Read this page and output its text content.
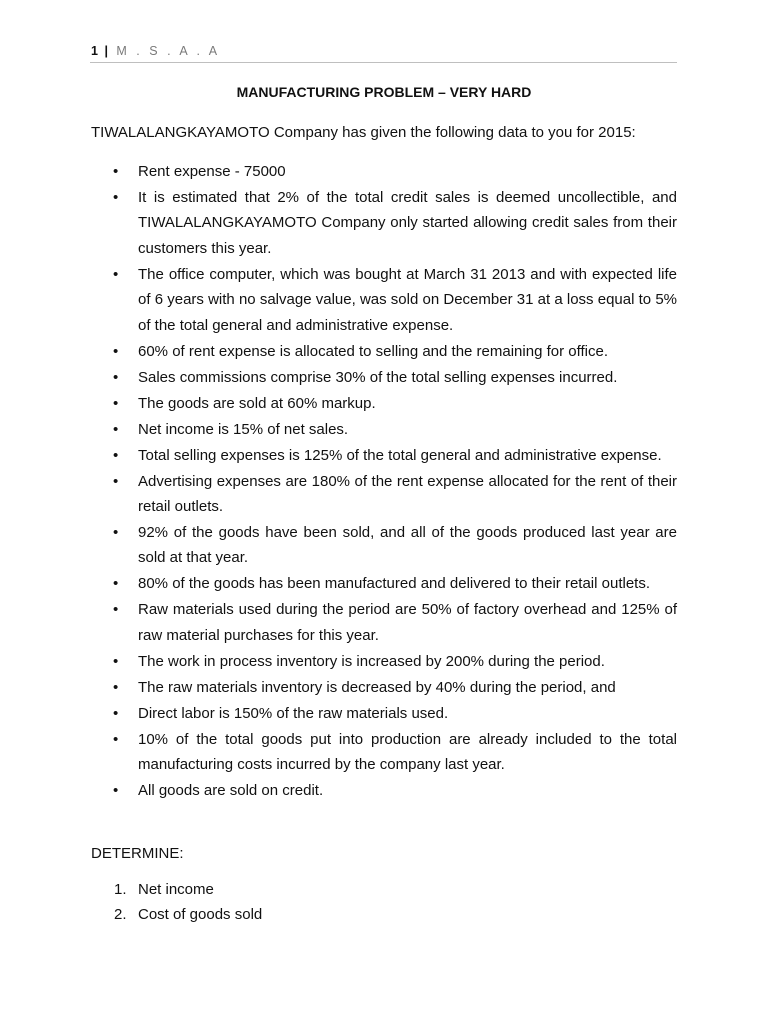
1 | M . S . A . A
MANUFACTURING PROBLEM – VERY HARD
TIWALALANGKAYAMOTO Company has given the following data to you for 2015:
• Rent expense - 75000
• It is estimated that 2% of the total credit sales is deemed uncollectible, and TIWALALANGKAYAMOTO Company only started allowing credit sales from their customers this year.
• The office computer, which was bought at March 31 2013 and with expected life of 6 years with no salvage value, was sold on December 31 at a loss equal to 5% of the total general and administrative expense.
• 60% of rent expense is allocated to selling and the remaining for office.
• Sales commissions comprise 30% of the total selling expenses incurred.
• The goods are sold at 60% markup.
• Net income is 15% of net sales.
• Total selling expenses is 125% of the total general and administrative expense.
• Advertising expenses are 180% of the rent expense allocated for the rent of their retail outlets.
• 92% of the goods have been sold, and all of the goods produced last year are sold at that year.
• 80% of the goods has been manufactured and delivered to their retail outlets.
• Raw materials used during the period are 50% of factory overhead and 125% of raw material purchases for this year.
• The work in process inventory is increased by 200% during the period.
• The raw materials inventory is decreased by 40% during the period, and
• Direct labor is 150% of the raw materials used.
• 10% of the total goods put into production are already included to the total manufacturing costs incurred by the company last year.
• All goods are sold on credit.
DETERMINE:
1. Net income
2. Cost of goods sold
